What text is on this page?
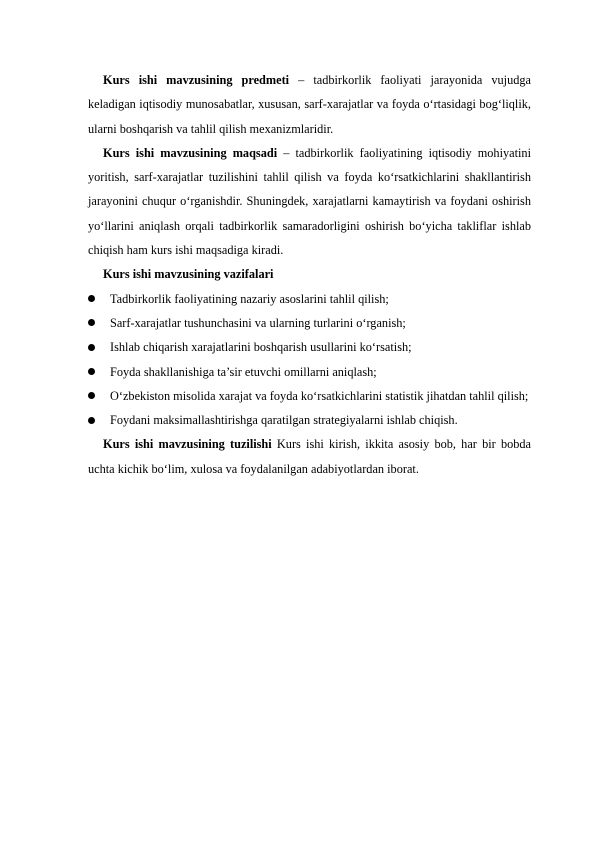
Kurs ishi mavzusining predmeti – tadbirkorlik faoliyati jarayonida vujudga keladigan iqtisodiy munosabatlar, xususan, sarf-xarajatlar va foyda o‘rtasidagi bog‘liqlik, ularni boshqarish va tahlil qilish mexanizmlaridir.

Kurs ishi mavzusining maqsadi – tadbirkorlik faoliyatining iqtisodiy mohiyatini yoritish, sarf-xarajatlar tuzilishini tahlil qilish va foyda ko‘rsatkichlarini shakllantirish jarayonini chuqur o‘rganishdir. Shuningdek, xarajatlarni kamaytirish va foydani oshirish yo‘llarini aniqlash orqali tadbirkorlik samaradorligini oshirish bo‘yicha takliflar ishlab chiqish ham kurs ishi maqsadiga kiradi.

Kurs ishi mavzusining vazifalari

Tadbirkorlik faoliyatining nazariy asoslarini tahlil qilish;
Sarf-xarajatlar tushunchasini va ularning turlarini o‘rganish;
Ishlab chiqarish xarajatlarini boshqarish usullarini ko‘rsatish;
Foyda shakllanishiga ta’sir etuvchi omillarni aniqlash;
O‘zbekiston misolida xarajat va foyda ko‘rsatkichlarini statistik jihatdan tahlil qilish;
Foydani maksimallashtirishga qaratilgan strategiyalarni ishlab chiqish.

Kurs ishi mavzusining tuzilishi Kurs ishi kirish, ikkita asosiy bob, har bir bobda uchta kichik bo‘lim, xulosa va foydalanilgan adabiyotlardan iborat.
